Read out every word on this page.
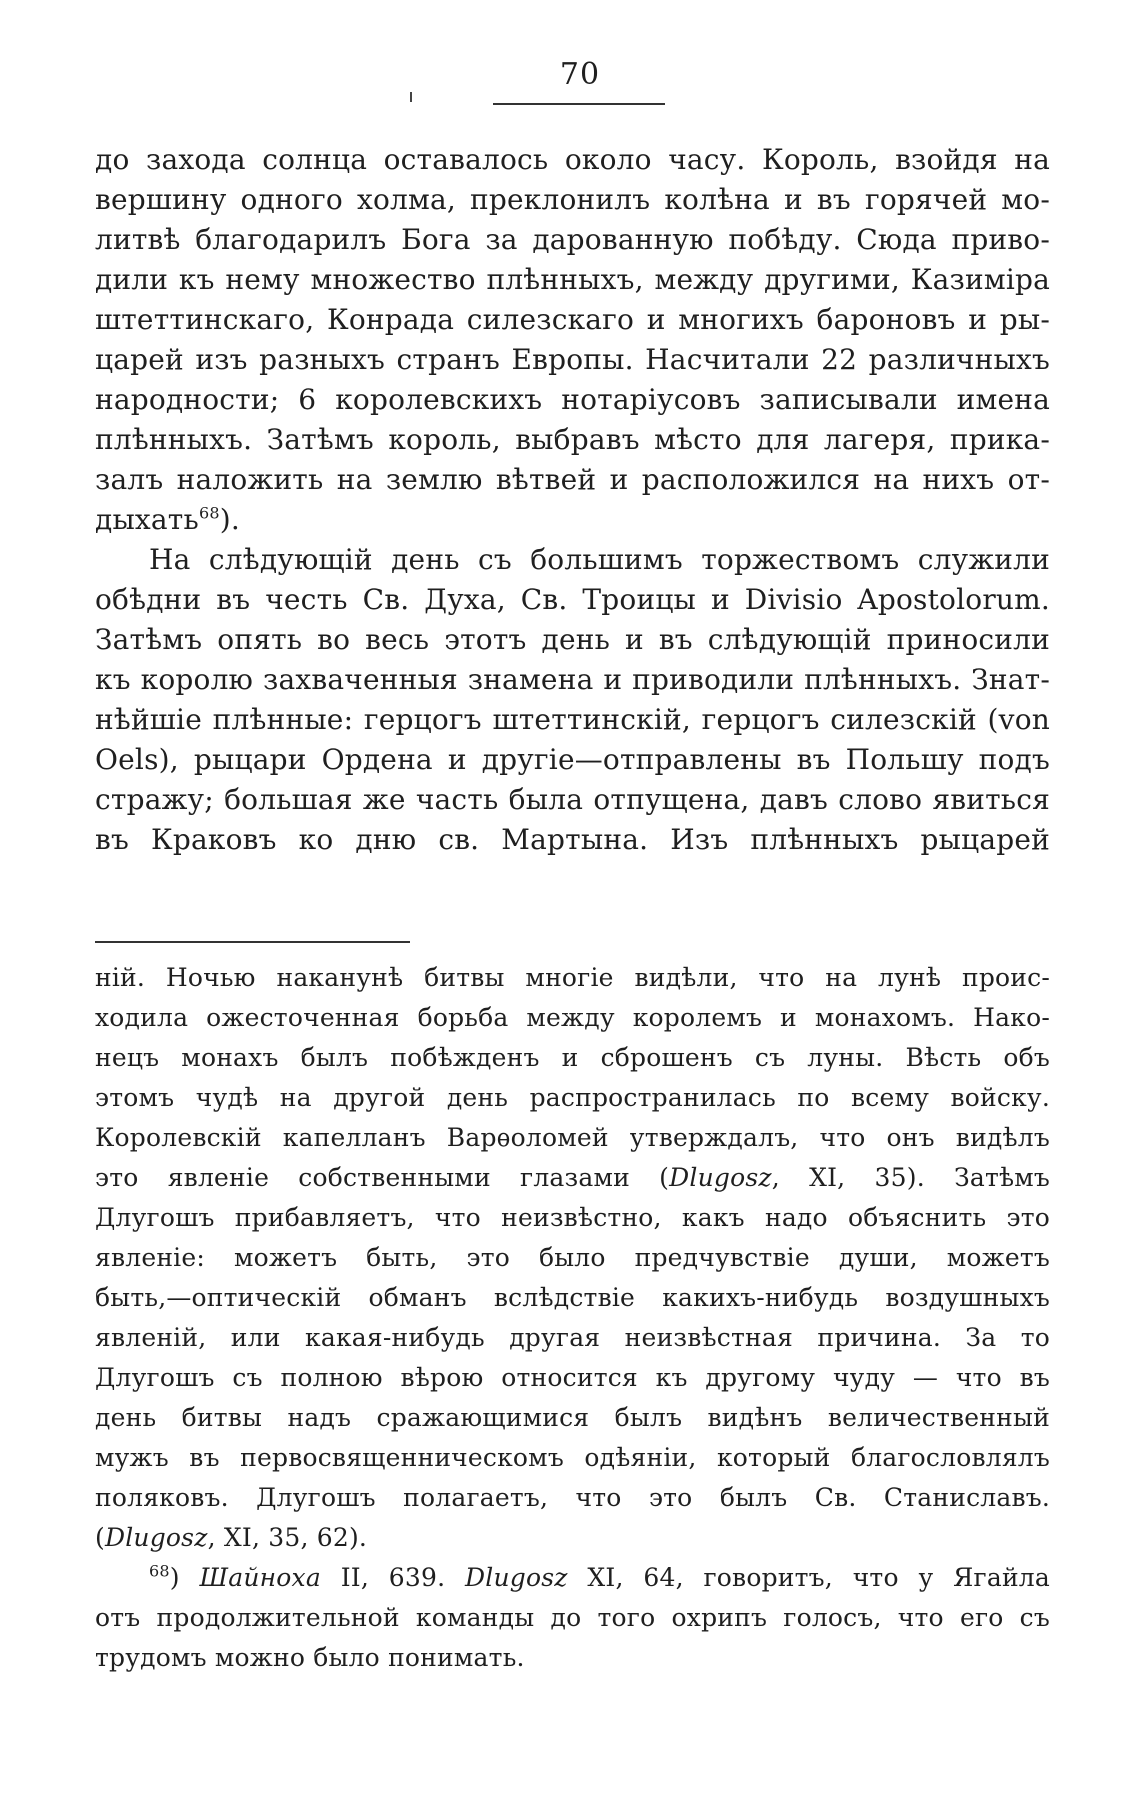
70
до захода солнца оставалось около часу. Король, взойдя на
вершину одного холма, преклонилъ колѣна и въ горячей мо-
литвѣ благодарилъ Бога за дарованную побѣду. Сюда приво-
дили къ нему множество плѣнныхъ, между другими, Казиміра
штеттинскаго, Конрада силезскаго и многихъ бароновъ и ры-
царей изъ разныхъ странъ Европы. Насчитали 22 различныхъ
народности; 6 королевскихъ нотаріусовъ записывали имена
плѣнныхъ. Затѣмъ король, выбравъ мѣсто для лагеря, прика-
залъ наложить на землю вѣтвей и расположился на нихъ от-
дыхать$^{68}$).
На слѣдующій день съ большимъ торжествомъ служили
обѣдни въ честь Св. Духа, Св. Троицы и Divisio Apostolorum.
Затѣмъ опять во весь этотъ день и въ слѣдующій приносили
къ королю захваченныя знамена и приводили плѣнныхъ. Знат-
нѣйшіе плѣнные: герцогъ штеттинскій, герцогъ силезскій (von
Oels), рыцари Ордена и другіе—отправлены въ Польшу подъ
стражу; большая же часть была отпущена, давъ слово явиться
въ Краковъ ко дню св. Мартына. Изъ плѣнныхъ рыцарей
ній. Ночью наканунѣ битвы многіе видѣли, что на лунѣ проис-
ходила ожесточенная борьба между королемъ и монахомъ. Нако-
нецъ монахъ былъ побѣжденъ и сброшенъ съ луны. Вѣсть объ
этомъ чудѣ на другой день распространилась по всему войску.
Королевскій капелланъ Варѳоломей утверждалъ, что онъ видѣлъ
это явленіе собственными глазами (Dlugosz, XI, 35). Затѣмъ
Длугошъ прибавляетъ, что неизвѣстно, какъ надо объяснить это
явленіе: можетъ быть, это было предчувствіе души, можетъ
быть,—оптическій обманъ вслѣдствіе какихъ-нибудь воздушныхъ
явленій, или какая-нибудь другая неизвѣстная причина. За то
Длугошъ съ полною вѣрою относится къ другому чуду — что въ
день битвы надъ сражающимися былъ видѣнъ величественный
мужъ въ первосвященническомъ одѣяніи, который благословлялъ
поляковъ. Длугошъ полагаетъ, что это былъ Св. Станиславъ.
(Dlugosz, XI, 35, 62).
$^{68}$) Шайноха II, 639. Dlugosz XI, 64, говоритъ, что у Ягайла
отъ продолжительной команды до того охрипъ голосъ, что его съ
трудомъ можно было понимать.
